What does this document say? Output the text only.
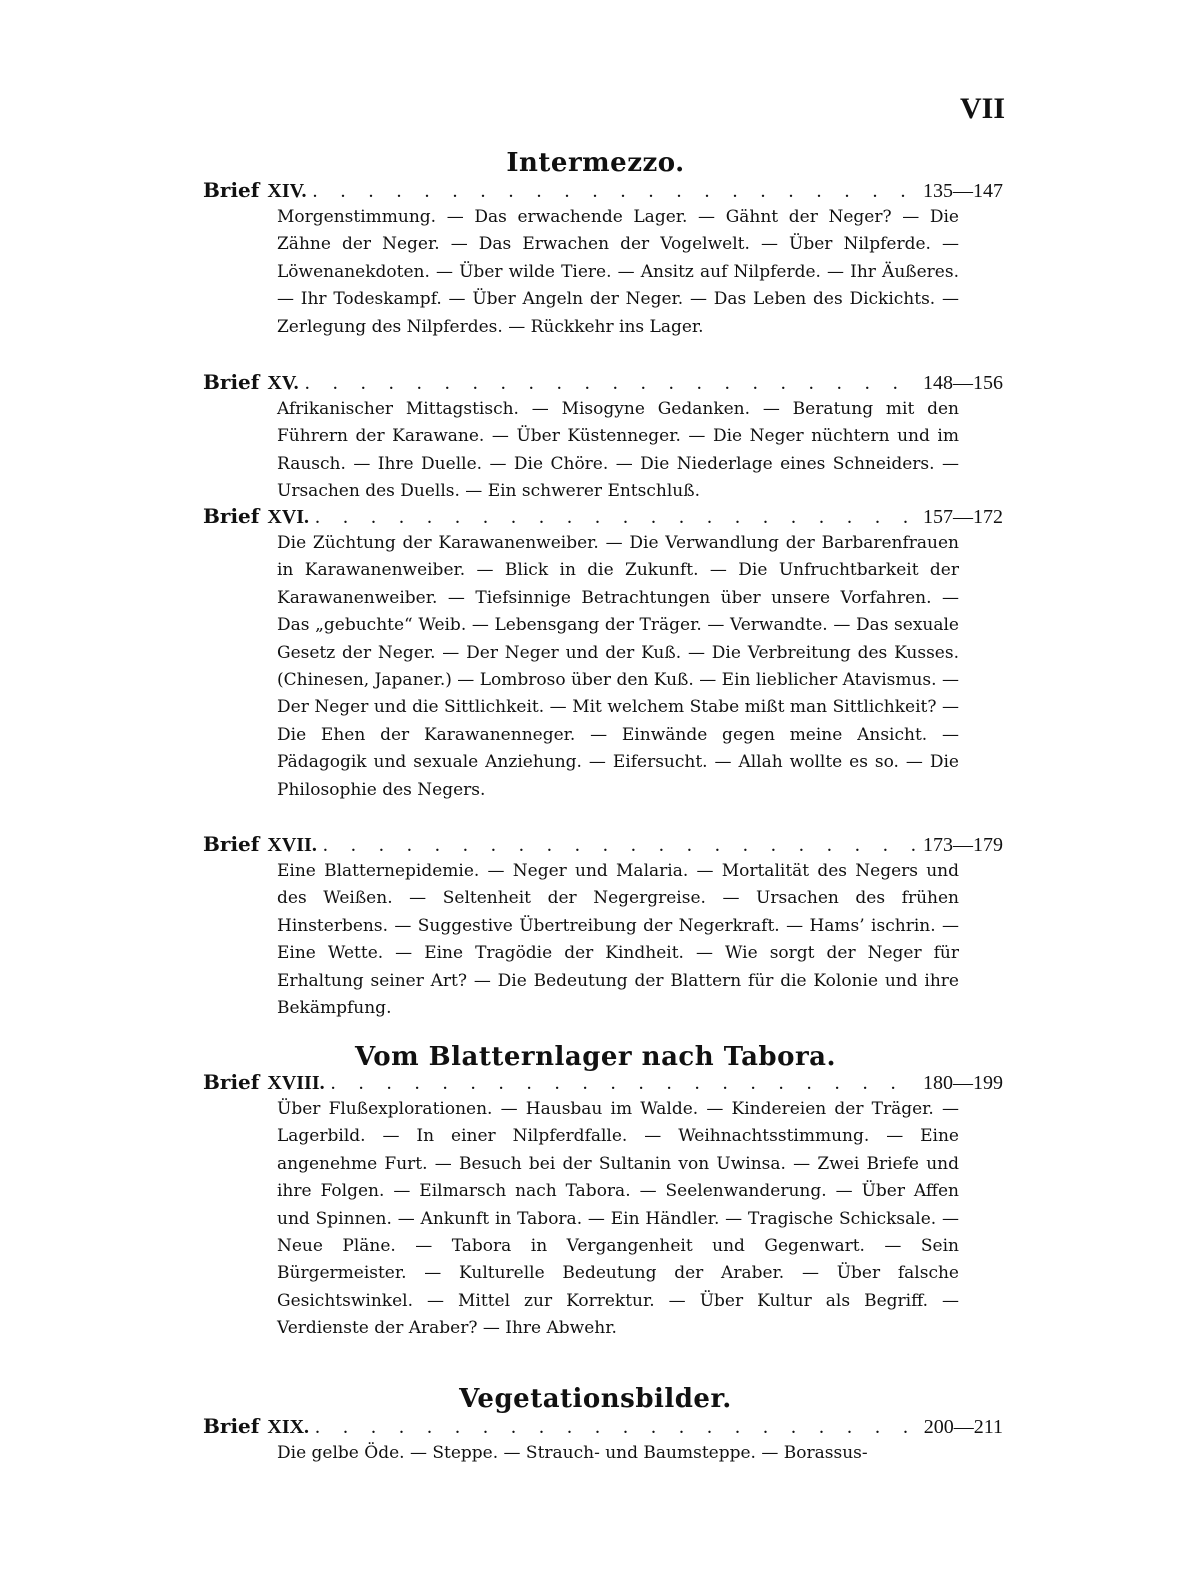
VII
Intermezzo.
Brief XIV. . . .	135—147
Morgenstimmung. — Das erwachende Lager. — Gähnt der Neger? — Die Zähne der Neger. — Das Erwachen der Vogelwelt. — Über Nilpferde. — Löwenanekdoten. — Über wilde Tiere. — Ansitz auf Nilpferde. — Ihr Äußeres. — Ihr Todeskampf. — Über Angeln der Neger. — Das Leben des Dickichts. — Zerlegung des Nilpferdes. — Rückkehr ins Lager.
Brief XV. . . .	148—156
Afrikanischer Mittagstisch. — Misogyne Gedanken. — Beratung mit den Führern der Karawane. — Über Küstenneger. — Die Neger nüchtern und im Rausch. — Ihre Duelle. — Die Chöre. — Die Niederlage eines Schneiders. — Ursachen des Duells. — Ein schwerer Entschluß.
Brief XVI. . . .	157—172
Die Züchtung der Karawanenweiber. — Die Verwandlung der Barbarenfrauen in Karawanenweiber. — Blick in die Zukunft. — Die Unfruchtbarkeit der Karawanenweiber. — Tiefsinnige Betrachtungen über unsere Vorfahren. — Das „gebuchte“ Weib. — Lebensgang der Träger. — Verwandte. — Das sexuale Gesetz der Neger. — Der Neger und der Kuß. — Die Verbreitung des Kusses. (Chinesen, Japaner.) — Lombroso über den Kuß. — Ein lieblicher Atavismus. — Der Neger und die Sittlichkeit. — Mit welchem Stabe mißt man Sittlichkeit? — Die Ehen der Karawanenneger. — Einwände gegen meine Ansicht. — Pädagogik und sexuale Anziehung. — Eifersucht. — Allah wollte es so. — Die Philosophie des Negers.
Brief XVII. . . .	173—179
Eine Blatternepidemie. — Neger und Malaria. — Mortalität des Negers und des Weißen. — Seltenheit der Negergreise. — Ursachen des frühen Hinsterbens. — Suggestive Übertreibung der Negerkraft. — Hams’ ischrin. — Eine Wette. — Eine Tragödie der Kindheit. — Wie sorgt der Neger für Erhaltung seiner Art? — Die Bedeutung der Blattern für die Kolonie und ihre Bekämpfung.
Vom Blatternlager nach Tabora.
Brief XVIII. . . .	180—199
Über Flußexplorationen. — Hausbau im Walde. — Kindereien der Träger. — Lagerbild. — In einer Nilpferdfalle. — Weihnachtsstimmung. — Eine angenehme Furt. — Besuch bei der Sultanin von Uwinsa. — Zwei Briefe und ihre Folgen. — Eilmarsch nach Tabora. — Seelenwanderung. — Über Affen und Spinnen. — Ankunft in Tabora. — Ein Händler. — Tragische Schicksale. — Neue Pläne. — Tabora in Vergangenheit und Gegenwart. — Sein Bürgermeister. — Kulturelle Bedeutung der Araber. — Über falsche Gesichtswinkel. — Mittel zur Korrektur. — Über Kultur als Begriff. — Verdienste der Araber? — Ihre Abwehr.
Vegetationsbilder.
Brief XIX. . . .	200—211
Die gelbe Öde. — Steppe. — Strauch- und Baumsteppe. — Borassus-
